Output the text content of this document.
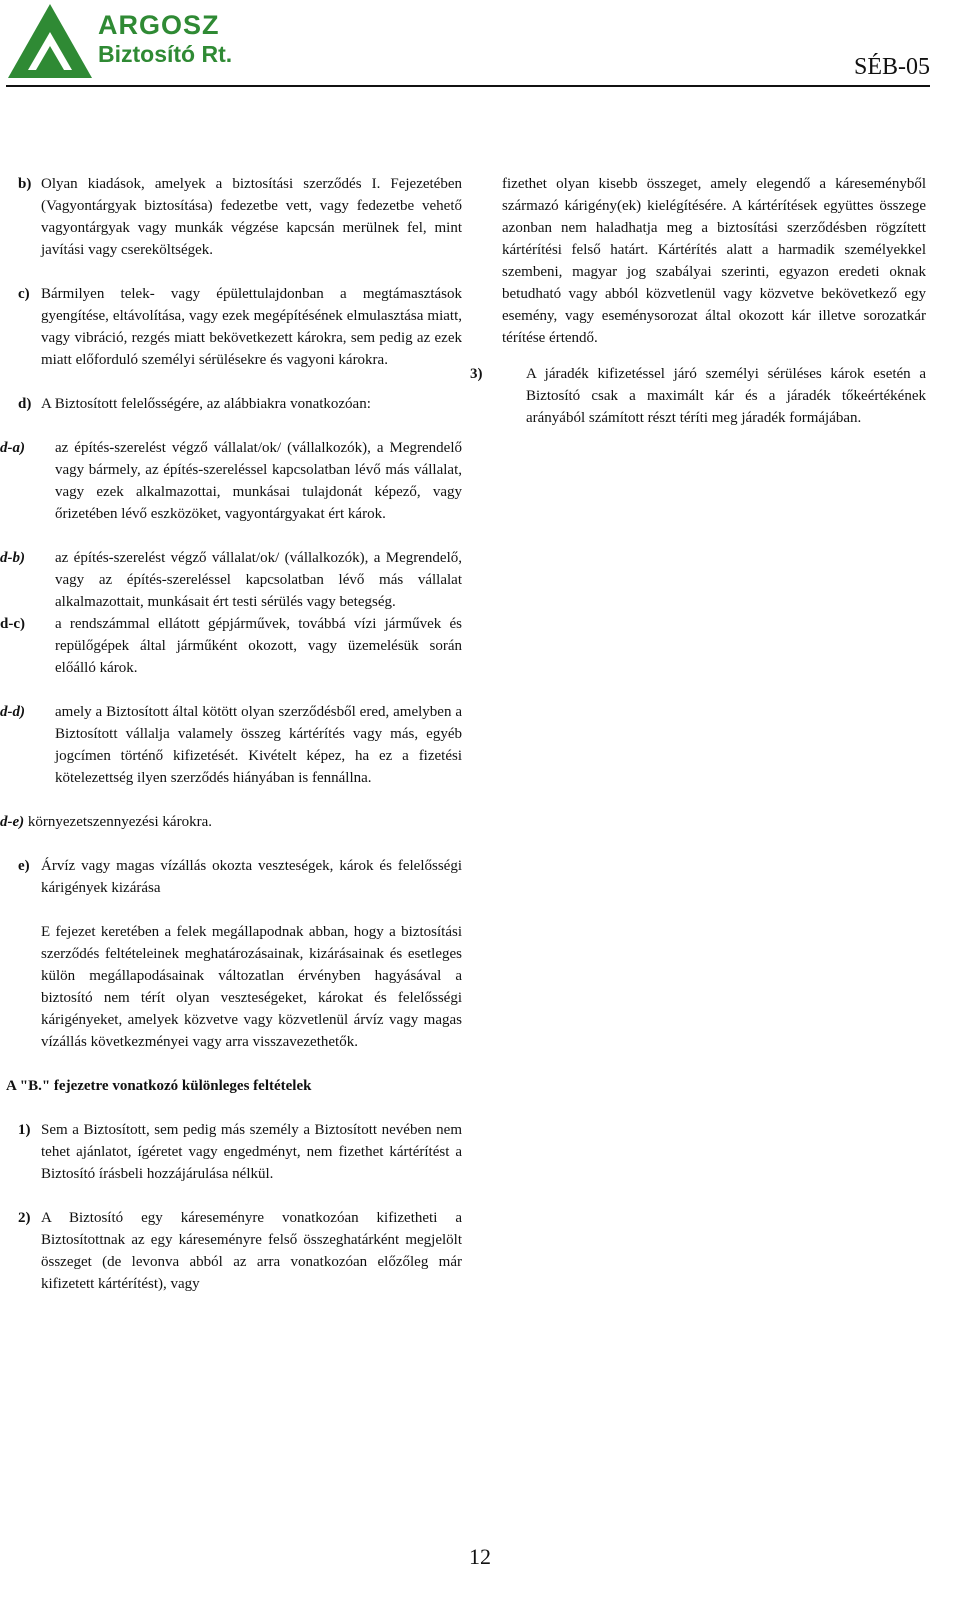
ARGOSZ
Biztosító Rt.	SÉB-05

b) Olyan kiadások, amelyek a biztosítási szerződés I. Fejezetében (Vagyontárgyak biztosítása) fedezetbe vett, vagy fedezetbe vehető vagyontárgyak vagy munkák végzése kapcsán merülnek fel, mint javítási vagy csereköltségek.

c) Bármilyen telek- vagy épülettulajdonban a megtámasztások gyengítése, eltávolítása, vagy ezek megépítésének elmulasztása miatt, vagy vibráció, rezgés miatt bekövetkezett károkra, sem pedig az ezek miatt előforduló személyi sérülésekre és vagyoni károkra.

d) A Biztosított felelősségére, az alábbiakra vonatkozóan:

d-a) az építés-szerelést végző vállalat/ok/ (vállalkozók), a Megrendelő vagy bármely, az építés-szereléssel kapcsolatban lévő más vállalat, vagy ezek alkalmazottai, munkásai tulajdonát képező, vagy őrizetében lévő eszközöket, vagyontárgyakat ért károk.

d-b) az építés-szerelést végző vállalat/ok/ (vállalkozók), a Megrendelő, vagy az építés-szereléssel kapcsolatban lévő más vállalat alkalmazottait, munkásait ért testi sérülés vagy betegség.

d-c) a rendszámmal ellátott gépjárművek, továbbá vízi járművek és repülőgépek által járműként okozott, vagy üzemelésük során előálló károk.

d-d) amely a Biztosított által kötött olyan szerződésből ered, amelyben a Biztosított vállalja valamely összeg kártérítés vagy más, egyéb jogcímen történő kifizetését. Kivételt képez, ha ez a fizetési kötelezettség ilyen szerződés hiányában is fennállna.

d-e) környezetszennyezési károkra.

e) Árvíz vagy magas vízállás okozta veszteségek, károk és felelősségi kárigények kizárása

E fejezet keretében a felek megállapodnak abban, hogy a biztosítási szerződés feltételeinek meghatározásainak, kizárásainak és esetleges külön megállapodásainak változatlan érvényben hagyásával a biztosító nem térít olyan veszteségeket, károkat és felelősségi kárigényeket, amelyek közvetve vagy közvetlenül árvíz vagy magas vízállás következményei vagy arra visszavezethetők.

A "B." fejezetre vonatkozó különleges feltételek

1) Sem a Biztosított, sem pedig más személy a Biztosított nevében nem tehet ajánlatot, ígéretet vagy engedményt, nem fizethet kártérítést a Biztosító írásbeli hozzájárulása nélkül.

2) A Biztosító egy káreseményre vonatkozóan kifizetheti a Biztosítottnak az egy káreseményre felső összeghatárként megjelölt összeget (de levonva abból az arra vonatkozóan előzőleg már kifizetett kártérítést), vagy

fizethet olyan kisebb összeget, amely elegendő a káreseményből származó kárigény(ek) kielégítésére. A kártérítések együttes összege azonban nem haladhatja meg a biztosítási szerződésben rögzített kártérítési felső határt. Kártérítés alatt a harmadik személyekkel szembeni, magyar jog szabályai szerinti, egyazon eredeti oknak betudható vagy abból közvetlenül vagy közvetve bekövetkező egy esemény, vagy eseménysorozat által okozott kár illetve sorozatkár térítése értendő.

3)	A járadék kifizetéssel járó személyi sérüléses károk esetén a Biztosító csak a maximált kár és a járadék tőkeértékének arányából számított részt téríti meg járadék formájában.

12
